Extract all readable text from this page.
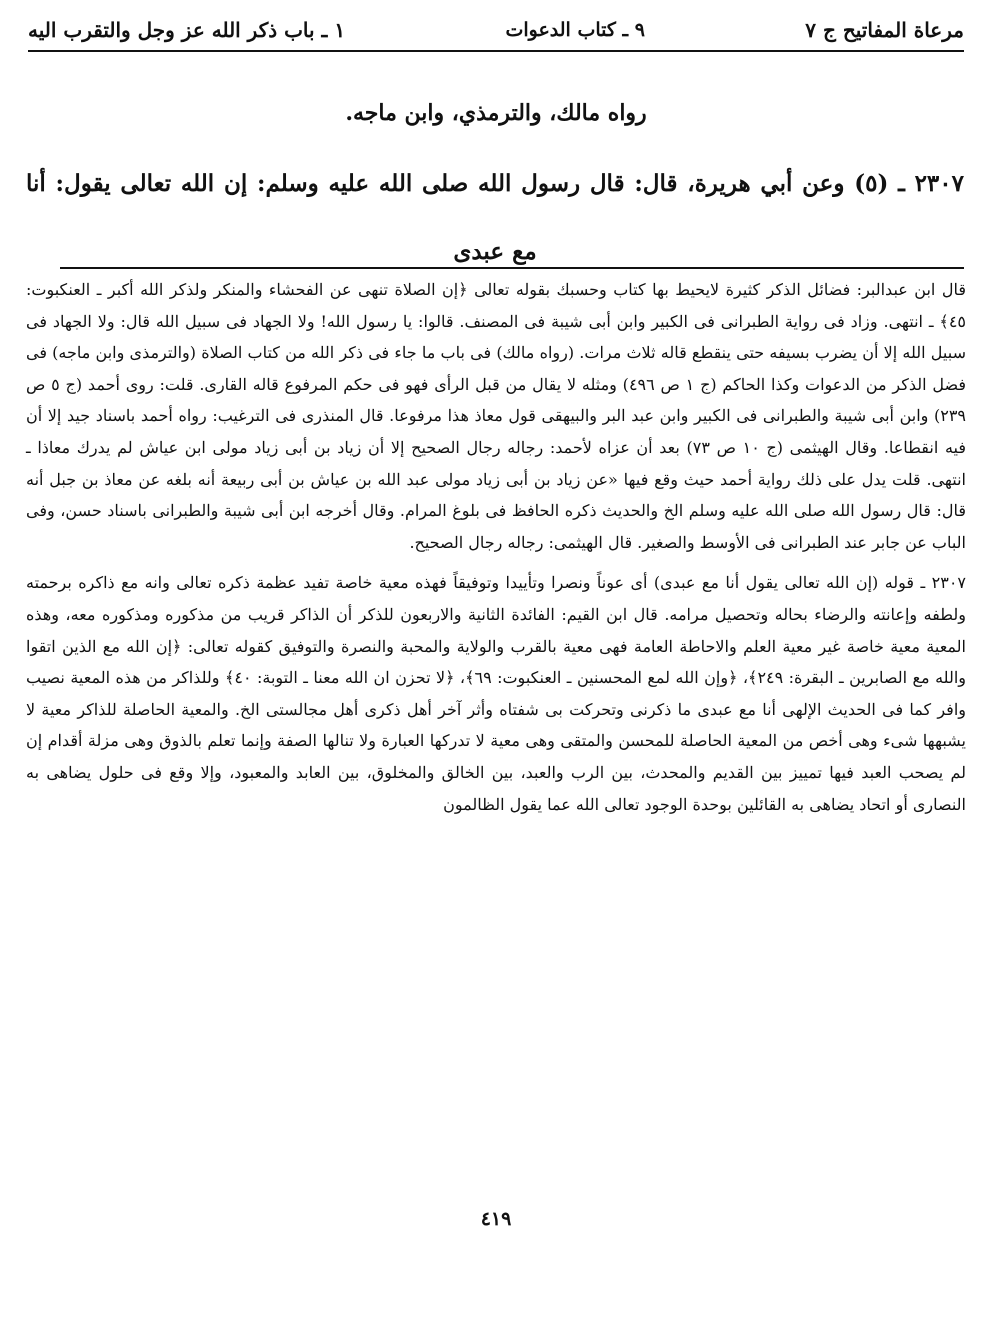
مرعاة المفاتيح ج ٧
٩ ـ كتاب الدعوات
١ ـ باب ذكر الله عز وجل والتقرب اليه
رواه مالك، والترمذي، وابن ماجه.
٢٣٠٧ ـ (٥) وعن أبي هريرة، قال: قال رسول الله صلى الله عليه وسلم: إن الله تعالى يقول: أنا مع عبدى

قال ابن عبدالبر: فضائل الذكر كثيرة لايحيط بها كتاب وحسبك بقوله تعالى ﴿إن الصلاة تنهى عن الفحشاء والمنكر ولذكر الله أكبر ـ العنكبوت: ٤٥﴾ ـ انتهى. وزاد فى رواية الطبرانى فى الكبير وابن أبى شيبة فى المصنف. قالوا: يا رسول الله! ولا الجهاد فى سبيل الله قال: ولا الجهاد فى سبيل الله إلا أن يضرب بسيفه حتى ينقطع قاله ثلاث مرات. (رواه مالك) فى باب ما جاء فى ذكر الله من كتاب الصلاة (والترمذى وابن ماجه) فى فضل الذكر من الدعوات وكذا الحاكم (ج ١ ص ٤٩٦) ومثله لا يقال من قبل الرأى فهو فى حكم المرفوع قاله القارى. قلت: روى أحمد (ج ٥ ص ٢٣٩) وابن أبى شيبة والطبرانى فى الكبير وابن عبد البر والبيهقى قول معاذ هذا مرفوعا. قال المنذرى فى الترغيب: رواه أحمد باسناد جيد إلا أن فيه انقطاعا. وقال الهيثمى (ج ١٠ ص ٧٣) بعد أن عزاه لأحمد: رجاله رجال الصحيح إلا أن زياد بن أبى زياد مولى ابن عياش لم يدرك معاذا ـ انتهى. قلت يدل على ذلك رواية أحمد حيث وقع فيها «عن زياد بن أبى زياد مولى عبد الله بن عياش بن أبى ربيعة أنه بلغه عن معاذ بن جبل أنه قال: قال رسول الله صلى الله عليه وسلم الخ والحديث ذكره الحافظ فى بلوغ المرام. وقال أخرجه ابن أبى شيبة والطبرانى باسناد حسن، وفى الباب عن جابر عند الطبرانى فى الأوسط والصغير. قال الهيثمى: رجاله رجال الصحيح.

٢٣٠٧ ـ قوله (إن الله تعالى يقول أنا مع عبدى) أى عوناً ونصرا وتأييدا وتوفيقاً فهذه معية خاصة تفيد عظمة ذكره تعالى وانه مع ذاكره برحمته ولطفه وإعانته والرضاء بحاله وتحصيل مرامه. قال ابن القيم: الفائدة الثانية والاربعون للذكر أن الذاكر قريب من مذكوره ومذكوره معه، وهذه المعية معية خاصة غير معية العلم والاحاطة العامة فهى معية بالقرب والولاية والمحبة والنصرة والتوفيق كقوله تعالى: ﴿إن الله مع الذين اتقوا والله مع الصابرين ـ البقرة: ٢٤٩﴾، ﴿وإن الله لمع المحسنين ـ العنكبوت: ٦٩﴾، ﴿لا تحزن ان الله معنا ـ التوبة: ٤٠﴾ وللذاكر من هذه المعية نصيب وافر كما فى الحديث الإلهى أنا مع عبدى ما ذكرنى وتحركت بى شفتاه وأثر آخر أهل ذكرى أهل مجالستى الخ. والمعية الحاصلة للذاكر معية لا يشبهها شىء وهى أخص من المعية الحاصلة للمحسن والمتقى وهى معية لا تدركها العبارة ولا تنالها الصفة وإنما تعلم بالذوق وهى مزلة أقدام إن لم يصحب العبد فيها تمييز بين القديم والمحدث، بين الرب والعبد، بين الخالق والمخلوق، بين العابد والمعبود، وإلا وقع فى حلول يضاهى به النصارى أو اتحاد يضاهى به القائلين بوحدة الوجود تعالى الله عما يقول الظالمون

٤١٩
